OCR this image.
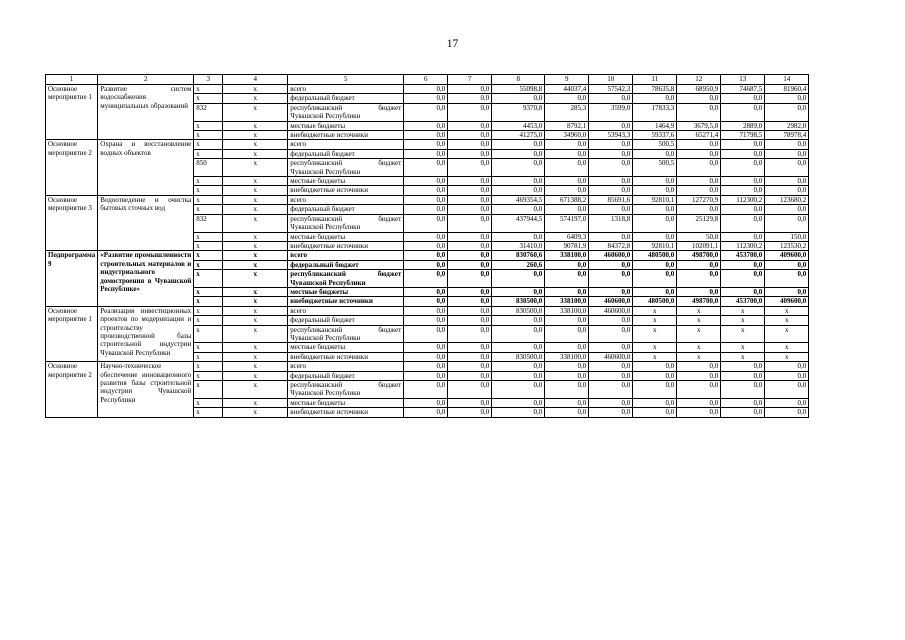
17
1	2	3	4	5	6	7	8	9	10	11	12	13	14
Основное мероприятие 1	Развитие систем водоснабжения муниципальных образований	x	x	всего	0,0	0,0	55098,8	44037,4	57542,3	78635,8	68950,9	74687,5	81960,4
		x	x	федеральный бюджет	0,0	0,0	0,0	0,0	0,0	0,0	0,0	0,0	0,0
		832	x	республиканский бюджет Чувашской Республики	0,0	0,0	9370,8	285,3	3599,0	17833,3	0,0	0,0	0,0
		x	x	местные бюджеты	0,0	0,0	4453,0	8792,1	0,0	1464,9	3679,5,0	2889,0	2982,0
		x	x	внебюджетные источники	0,0	0,0	41275,0	34960,0	53943,3	59337,6	65271,4	71798,5	78978,4
Основное мероприятие 2	Охрана и восстановление водных объектов	x	x	всего	0,0	0,0	0,0	0,0	0,0	500,5	0,0	0,0	0,0
		x	x	федеральный бюджет	0,0	0,0	0,0	0,0	0,0	0,0	0,0	0,0	0,0
		850	x	республиканский бюджет Чувашской Республики	0,0	0,0	0,0	0,0	0,0	500,5	0,0	0,0	0,0
		x	x	местные бюджеты	0,0	0,0	0,0	0,0	0,0	0,0	0,0	0,0	0,0
		x	x	внебюджетные источники	0,0	0,0	0,0	0,0	0,0	0,0	0,0	0,0	0,0
Основное мероприятие 3	Водоотведение и очистка бытовых сточных вод	x	x	всего	0,0	0,0	469354,5	671388,2	85691,6	92810,1	127270,9	112300,2	123680,2
		x	x	федеральный бюджет	0,0	0,0	0,0	0,0	0,0	0,0	0,0	0,0	0,0
		832	x	республиканский бюджет Чувашской Республики	0,0	0,0	437944,5	574197,0	1318,8	0,0	25129,8	0,0	0,0
		x	x	местные бюджеты	0,0	0,0	0,0	6409,3	0,0	0,0	50,0	0,0	150,0
		x	x	внебюджетные источники	0,0	0,0	31410,0	90781,9	84372,8	92810,1	102091,1	112300,2	123530,2
Подпрограмма 9	«Развитие промышленности строительных материалов и индустриального домостроения в Чувашской Республике»	x	x	всего	0,0	0,0	830760,6	338100,0	460600,0	480500,0	498700,0	453700,0	409600,0
		x	x	федеральный бюджет	0,0	0,0	260,6	0,0	0,0	0,0	0,0	0,0	0,0
		x	x	республиканский бюджет Чувашской Республики	0,0	0,0	0,0	0,0	0,0	0,0	0,0	0,0	0,0
		x	x	местные бюджеты	0,0	0,0	0,0	0,0	0,0	0,0	0,0	0,0	0,0
		x	x	внебюджетные источники	0,0	0,0	830500,0	338100,0	460600,0	480500,0	498700,0	453700,0	409600,0
Основное мероприятие 1	Реализация инвестиционных проектов по модернизации и строительству производственной базы строительной индустрии Чувашской Республики	x	x	всего	0,0	0,0	830500,0	338100,0	460600,0	x	x	x	x
		x	x	федеральный бюджет	0,0	0,0	0,0	0,0	0,0	x	x	x	x
		x	x	республиканский бюджет Чувашской Республики	0,0	0,0	0,0	0,0	0,0	x	x	x	x
		x	x	местные бюджеты	0,0	0,0	0,0	0,0	0,0	x	x	x	x
		x	x	внебюджетные источники	0,0	0,0	830500,0	338100,0	460600,0	x	x	x	x
Основное мероприятие 2	Научно-техническое обеспечение инновационного развития базы строительной индустрии Чувашской Республики	x	x	всего	0,0	0,0	0,0	0,0	0,0	0,0	0,0	0,0	0,0
		x	x	федеральный бюджет	0,0	0,0	0,0	0,0	0,0	0,0	0,0	0,0	0,0
		x	x	республиканский бюджет Чувашской Республики	0,0	0,0	0,0	0,0	0,0	0,0	0,0	0,0	0,0
		x	x	местные бюджеты	0,0	0,0	0,0	0,0	0,0	0,0	0,0	0,0	0,0
		x	x	внебюджетные источники	0,0	0,0	0,0	0,0	0,0	0,0	0,0	0,0	0,0
